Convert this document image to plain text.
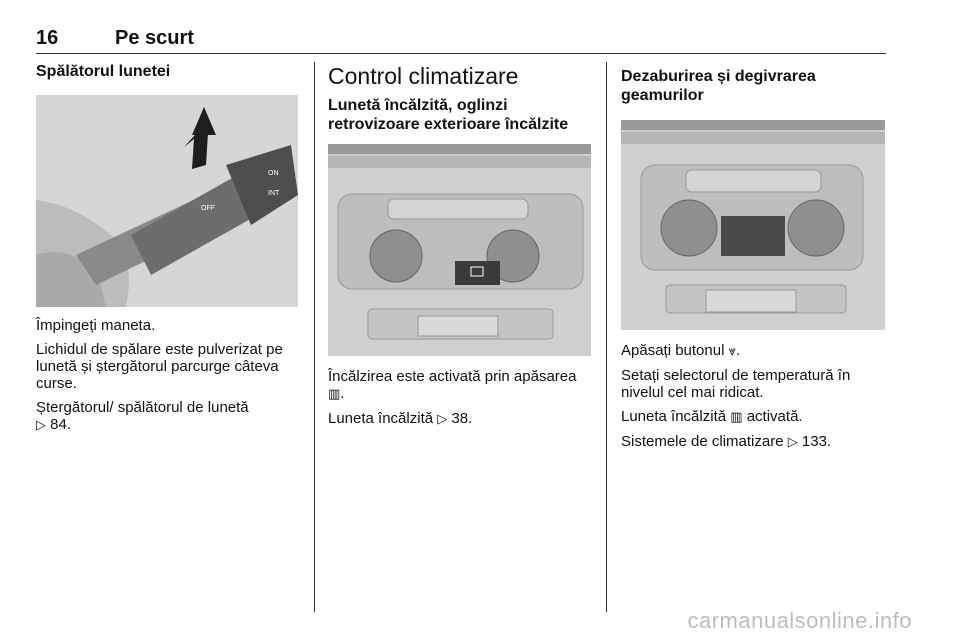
16	Pe scurt
Spălătorul lunetei
OFF
ON
INT

Împingeți maneta.

Lichidul de spălare este pulverizat pe lunetă și ștergătorul parcurge câteva curse.

Ștergătorul/ spălătorul de lunetă
▷ 84.

Control climatizare
Lunetă încălzită, oglinzi retrovizoare exterioare încălzite

Încălzirea este activată prin apăsarea ▥.

Luneta încălzită ▷ 38.

Dezaburirea și degivrarea geamurilor

Apăsați butonul ⩔.

Setați selectorul de temperatură în nivelul cel mai ridicat.

Luneta încălzită ▥ activată.

Sistemele de climatizare ▷ 133.

carmanualsonline.info
